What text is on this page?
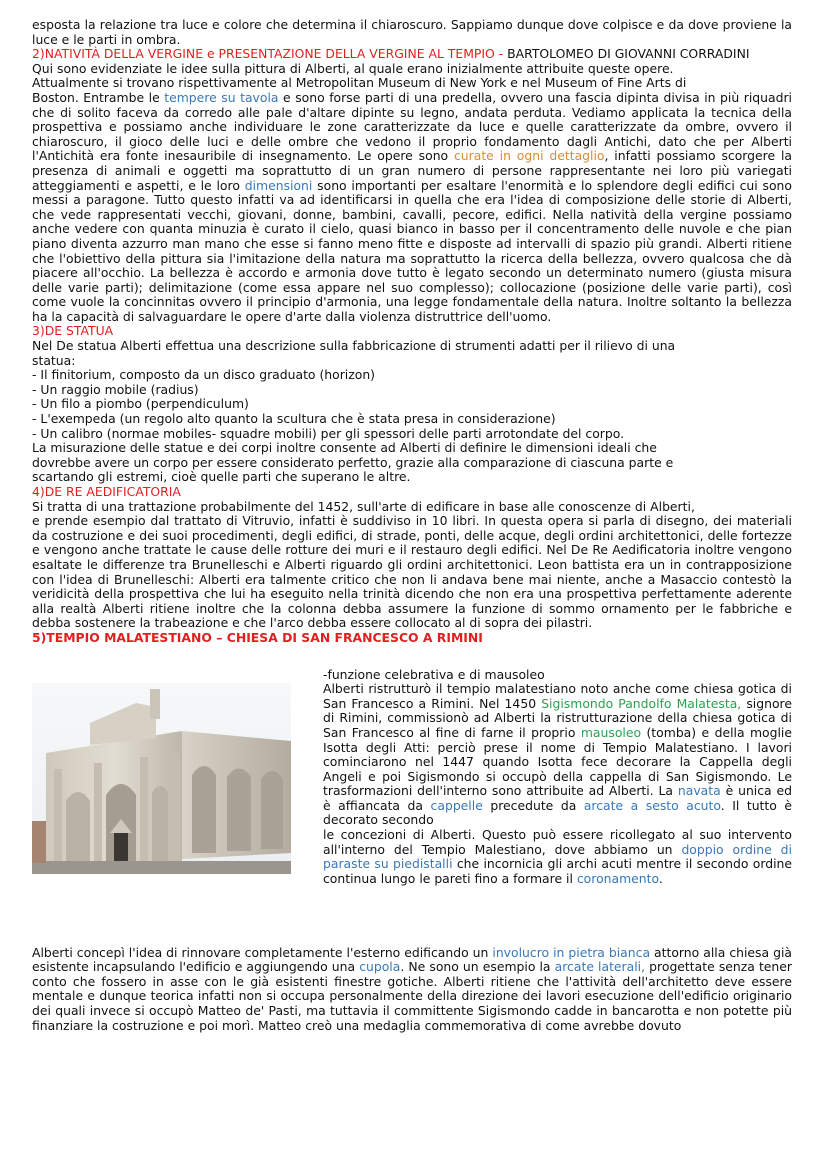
esposta la relazione tra luce e colore che determina il chiaroscuro. Sappiamo dunque dove colpisce e da dove proviene la luce e le parti in ombra.

2)NATIVITÀ DELLA VERGINE e PRESENTAZIONE DELLA VERGINE AL TEMPIO - BARTOLOMEO DI GIOVANNI CORRADINI

Qui sono evidenziate le idee sulla pittura di Alberti, al quale erano inizialmente attribuite queste opere.

Attualmente si trovano rispettivamente al Metropolitan Museum di New York e nel Museum of Fine Arts di

Boston. Entrambe le tempere su tavola e sono forse parti di una predella, ovvero una fascia dipinta divisa in più riquadri che di solito faceva da corredo alle pale d'altare dipinte su legno, andata perduta. Vediamo applicata la tecnica della prospettiva e possiamo anche individuare le zone caratterizzate da luce e quelle caratterizzate da ombre, ovvero il chiaroscuro, il gioco delle luci e delle ombre che vedono il proprio fondamento dagli Antichi, dato che per Alberti l'Antichità era fonte inesauribile di insegnamento. Le opere sono curate in ogni dettaglio, infatti possiamo scorgere la presenza di animali e oggetti ma soprattutto di un gran numero di persone rappresentante nei loro più variegati atteggiamenti e aspetti, e le loro dimensioni sono importanti per esaltare l'enormità e lo splendore degli edifici cui sono messi a paragone. Tutto questo infatti va ad identificarsi in quella che era l'idea di composizione delle storie di Alberti, che vede rappresentati vecchi, giovani, donne, bambini, cavalli, pecore, edifici. Nella natività della vergine possiamo anche vedere con quanta minuzia è curato il cielo, quasi bianco in basso per il concentramento delle nuvole e che pian piano diventa azzurro man mano che esse si fanno meno fitte e disposte ad intervalli di spazio più grandi. Alberti ritiene che l'obiettivo della pittura sia l'imitazione della natura ma soprattutto la ricerca della bellezza, ovvero qualcosa che dà piacere all'occhio. La bellezza è accordo e armonia dove tutto è legato secondo un determinato numero (giusta misura delle varie parti); delimitazione (come essa appare nel suo complesso); collocazione (posizione delle varie parti), così come vuole la concinnitas ovvero il principio d'armonia, una legge fondamentale della natura. Inoltre soltanto la bellezza ha la capacità di salvaguardare le opere d'arte dalla violenza distruttrice dell'uomo.

3)DE STATUA

Nel De statua Alberti effettua una descrizione sulla fabbricazione di strumenti adatti per il rilievo di una

statua:

- Il finitorium, composto da un disco graduato (horizon)
- Un raggio mobile (radius)
- Un filo a piombo (perpendiculum)
- L'exempeda (un regolo alto quanto la scultura che è stata presa in considerazione)
- Un calibro (normae mobiles- squadre mobili) per gli spessori delle parti arrotondate del corpo.

La misurazione delle statue e dei corpi inoltre consente ad Alberti di definire le dimensioni ideali che

dovrebbe avere un corpo per essere considerato perfetto, grazie alla comparazione di ciascuna parte e

scartando gli estremi, cioè quelle parti che superano le altre.

4)DE RE AEDIFICATORIA

Si tratta di una trattazione probabilmente del 1452, sull'arte di edificare in base alle conoscenze di Alberti,

e prende esempio dal trattato di Vitruvio, infatti è suddiviso in 10 libri. In questa opera si parla di disegno, dei materiali da costruzione e dei suoi procedimenti, degli edifici, di strade, ponti, delle acque, degli ordini architettonici, delle fortezze e vengono anche trattate le cause delle rotture dei muri e il restauro degli edifici. Nel De Re Aedificatoria inoltre vengono esaltate le differenze tra Brunelleschi e Alberti riguardo gli ordini architettonici. Leon battista era un in contrapposizione con l'idea di Brunelleschi: Alberti era talmente critico che non li andava bene mai niente, anche a Masaccio contestò la veridicità della prospettiva che lui ha eseguito nella trinità dicendo che non era una prospettiva perfettamente aderente alla realtà Alberti ritiene inoltre che la colonna debba assumere la funzione di sommo ornamento per le fabbriche e debba sostenere la trabeazione e che l'arco debba essere collocato al di sopra dei pilastri.

5)TEMPIO MALATESTIANO – CHIESA DI SAN FRANCESCO A RIMINI

-funzione celebrativa e di mausoleo

Alberti ristrutturò il tempio malatestiano noto anche come chiesa gotica di San Francesco a Rimini. Nel 1450 Sigismondo Pandolfo Malatesta, signore di Rimini, commissionò ad Alberti la ristrutturazione della chiesa gotica di San Francesco al fine di farne il proprio mausoleo (tomba) e della moglie Isotta degli Atti: perciò prese il nome di Tempio Malatestiano. I lavori cominciarono nel 1447 quando Isotta fece decorare la Cappella degli Angeli e poi Sigismondo si occupò della cappella di San Sigismondo. Le trasformazioni dell'interno sono attribuite ad Alberti. La navata è unica ed è affiancata da cappelle precedute da arcate a sesto acuto. Il tutto è decorato secondo

le concezioni di Alberti. Questo può essere ricollegato al suo intervento all'interno del Tempio Malestiano, dove abbiamo un doppio ordine di paraste su piedistalli che incornicia gli archi acuti mentre il secondo ordine continua lungo le pareti fino a formare il coronamento.

Alberti concepì l'idea di rinnovare completamente l'esterno edificando un involucro in pietra bianca attorno alla chiesa già esistente incapsulando l'edificio e aggiungendo una cupola. Ne sono un esempio la arcate laterali, progettate senza tener conto che fossero in asse con le già esistenti finestre gotiche. Alberti ritiene che l'attività dell'architetto deve essere mentale e dunque teorica infatti non si occupa personalmente della direzione dei lavori esecuzione dell'edificio originario dei quali invece si occupò Matteo de' Pasti, ma tuttavia il committente Sigismondo cadde in bancarotta e non potette più finanziare la costruzione e poi morì. Matteo creò una medaglia commemorativa di come avrebbe dovuto
